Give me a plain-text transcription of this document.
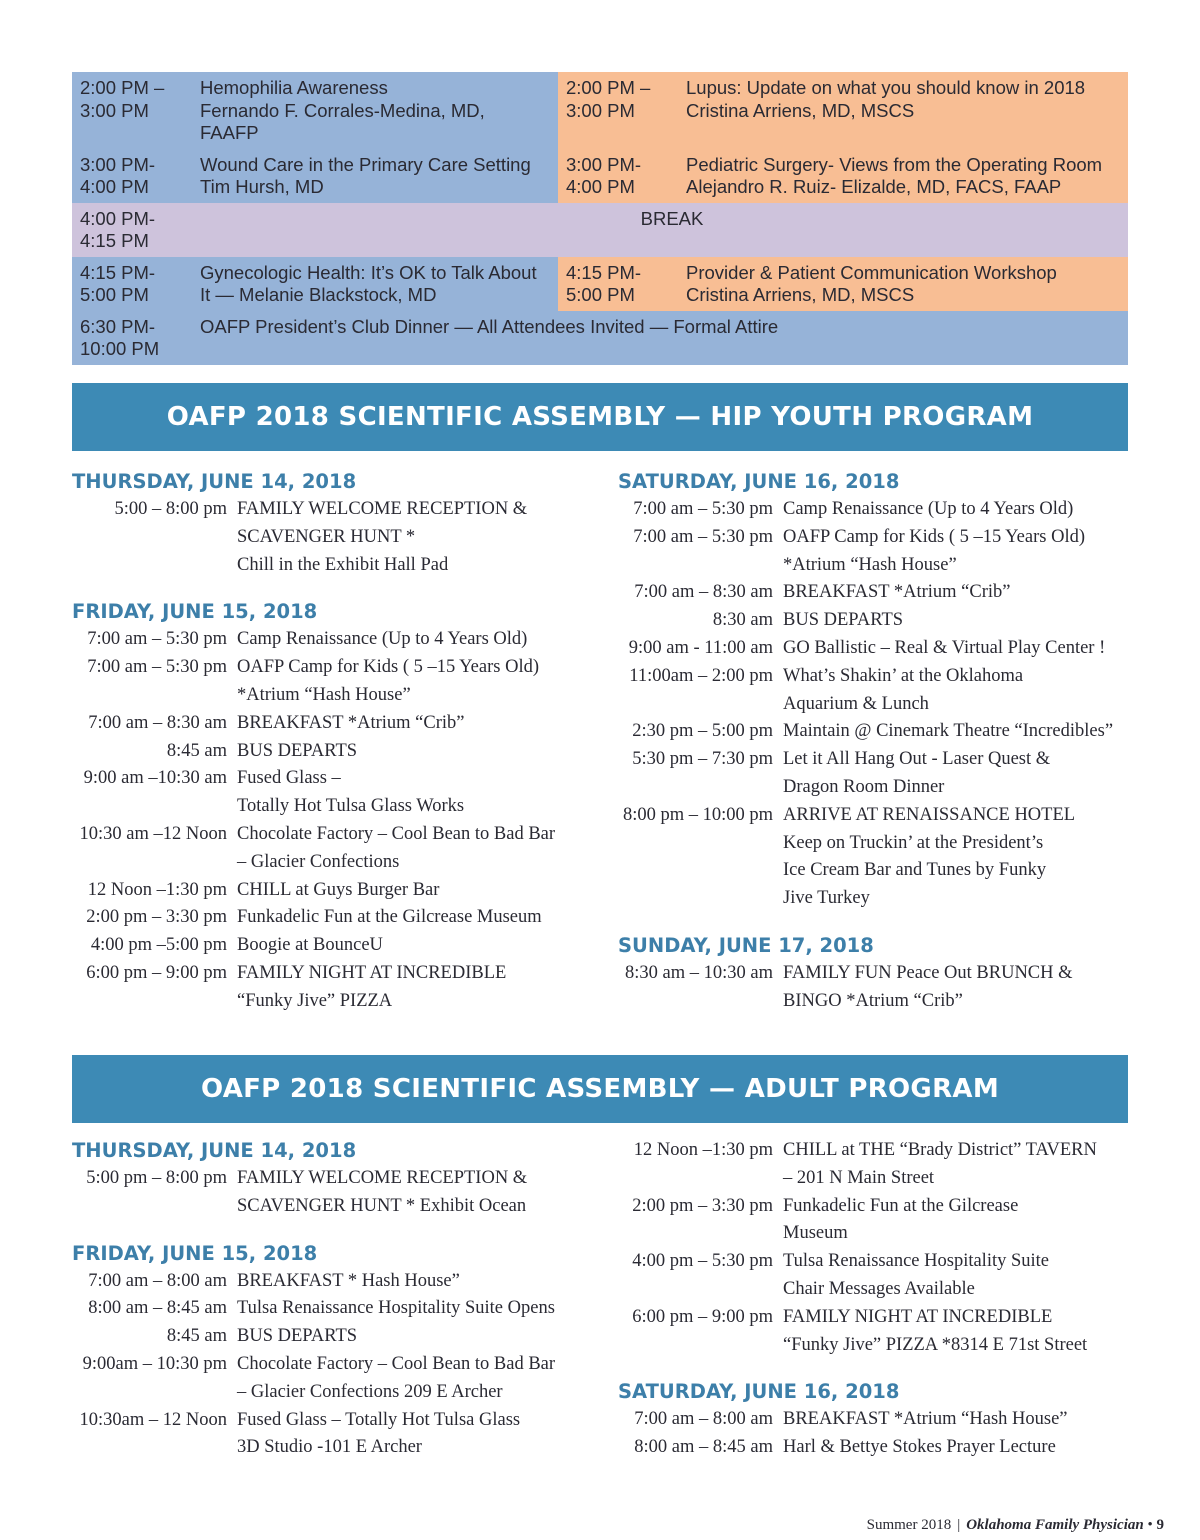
2:00 PM –
3:00 PM
Hemophilia Awareness
Fernando F. Corrales-Medina, MD,
FAAFP
2:00 PM –
3:00 PM
Lupus: Update on what you should know in 2018
Cristina Arriens, MD, MSCS
3:00 PM-
4:00 PM
Wound Care in the Primary Care Setting
Tim Hursh, MD
3:00 PM-
4:00 PM
Pediatric Surgery- Views from the Operating Room
Alejandro R. Ruiz- Elizalde, MD, FACS, FAAP
4:00 PM-
4:15 PM
BREAK
4:15 PM-
5:00 PM
Gynecologic Health: It’s OK to Talk About
It — Melanie Blackstock, MD
4:15 PM-
5:00 PM
Provider & Patient Communication Workshop
Cristina Arriens, MD, MSCS
6:30 PM-
10:00 PM
OAFP President’s Club Dinner — All Attendees Invited — Formal Attire
OAFP 2018 SCIENTIFIC ASSEMBLY — HIP YOUTH PROGRAM
THURSDAY, JUNE 14, 2018
5:00 – 8:00 pm FAMILY WELCOME RECEPTION &
SCAVENGER HUNT *
Chill in the Exhibit Hall Pad
FRIDAY, JUNE 15, 2018
7:00 am – 5:30 pm Camp Renaissance (Up to 4 Years Old)
7:00 am – 5:30 pm OAFP Camp for Kids ( 5 –15 Years Old)
*Atrium “Hash House”
7:00 am – 8:30 am BREAKFAST *Atrium “Crib”
8:45 am BUS DEPARTS
9:00 am –10:30 am Fused Glass –
Totally Hot Tulsa Glass Works
10:30 am –12 Noon Chocolate Factory – Cool Bean to Bad Bar
– Glacier Confections
12 Noon –1:30 pm CHILL at Guys Burger Bar
2:00 pm – 3:30 pm Funkadelic Fun at the Gilcrease Museum
4:00 pm –5:00 pm Boogie at BounceU
6:00 pm – 9:00 pm FAMILY NIGHT AT INCREDIBLE
“Funky Jive” PIZZA
SATURDAY, JUNE 16, 2018
7:00 am – 5:30 pm Camp Renaissance (Up to 4 Years Old)
7:00 am – 5:30 pm OAFP Camp for Kids ( 5 –15 Years Old)
*Atrium “Hash House”
7:00 am – 8:30 am BREAKFAST *Atrium “Crib”
8:30 am BUS DEPARTS
9:00 am - 11:00 am GO Ballistic – Real & Virtual Play Center !
11:00am – 2:00 pm What’s Shakin’ at the Oklahoma
Aquarium & Lunch
2:30 pm – 5:00 pm Maintain @ Cinemark Theatre “Incredibles”
5:30 pm – 7:30 pm Let it All Hang Out - Laser Quest &
Dragon Room Dinner
8:00 pm – 10:00 pm ARRIVE AT RENAISSANCE HOTEL
Keep on Truckin’ at the President’s
Ice Cream Bar and Tunes by Funky
Jive Turkey
SUNDAY, JUNE 17, 2018
8:30 am – 10:30 am FAMILY FUN Peace Out BRUNCH &
BINGO *Atrium “Crib”
OAFP 2018 SCIENTIFIC ASSEMBLY — ADULT PROGRAM
THURSDAY, JUNE 14, 2018
5:00 pm – 8:00 pm FAMILY WELCOME RECEPTION &
SCAVENGER HUNT * Exhibit Ocean
FRIDAY, JUNE 15, 2018
7:00 am – 8:00 am BREAKFAST * Hash House”
8:00 am – 8:45 am Tulsa Renaissance Hospitality Suite Opens
8:45 am BUS DEPARTS
9:00am – 10:30 pm Chocolate Factory – Cool Bean to Bad Bar
– Glacier Confections 209 E Archer
10:30am – 12 Noon Fused Glass – Totally Hot Tulsa Glass
3D Studio -101 E Archer
12 Noon –1:30 pm CHILL at THE “Brady District” TAVERN
– 201 N Main Street
2:00 pm – 3:30 pm Funkadelic Fun at the Gilcrease
Museum
4:00 pm – 5:30 pm Tulsa Renaissance Hospitality Suite
Chair Messages Available
6:00 pm – 9:00 pm FAMILY NIGHT AT INCREDIBLE
“Funky Jive” PIZZA *8314 E 71st Street
SATURDAY, JUNE 16, 2018
7:00 am – 8:00 am BREAKFAST *Atrium “Hash House”
8:00 am – 8:45 am Harl & Bettye Stokes Prayer Lecture
Summer 2018 | Oklahoma Family Physician • 9
